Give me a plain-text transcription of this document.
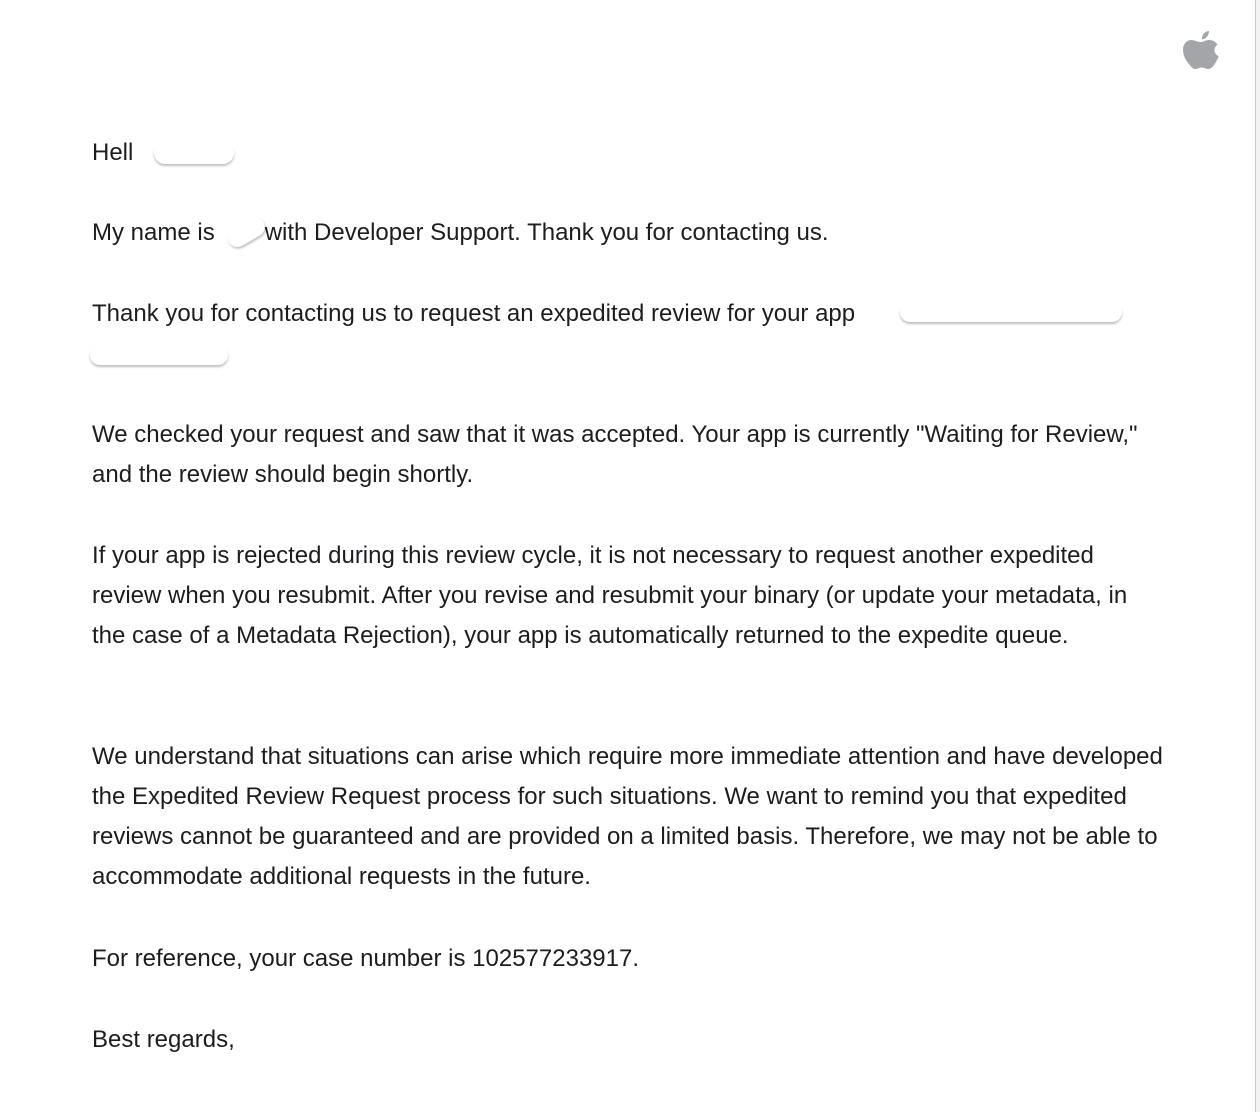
Hell

My name is with Developer Support. Thank you for contacting us.

Thank you for contacting us to request an expedited review for your app

We checked your request and saw that it was accepted. Your app is currently "Waiting for Review," and the review should begin shortly.

If your app is rejected during this review cycle, it is not necessary to request another expedited review when you resubmit. After you revise and resubmit your binary (or update your metadata, in the case of a Metadata Rejection), your app is automatically returned to the expedite queue.

We understand that situations can arise which require more immediate attention and have developed the Expedited Review Request process for such situations. We want to remind you that expedited reviews cannot be guaranteed and are provided on a limited basis. Therefore, we may not be able to accommodate additional requests in the future.

For reference, your case number is 102577233917.

Best regards,
